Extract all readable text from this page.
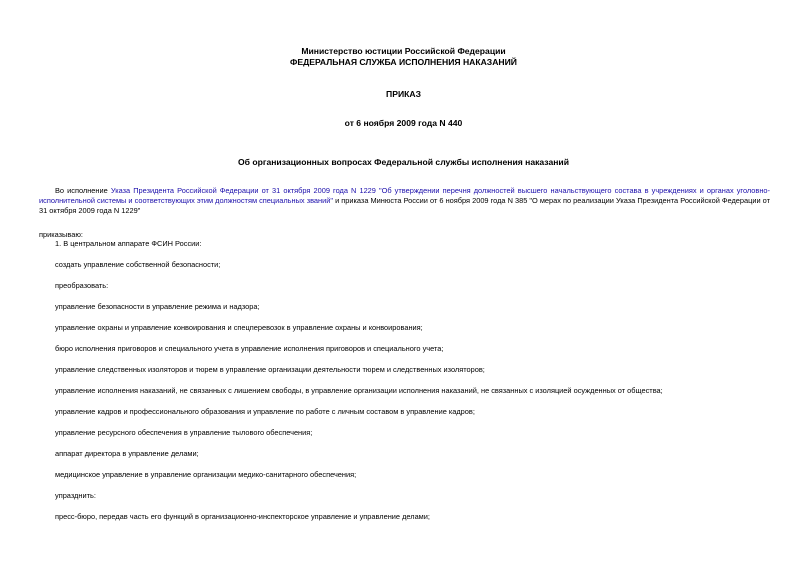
Министерство юстиции Российской Федерации
ФЕДЕРАЛЬНАЯ СЛУЖБА ИСПОЛНЕНИЯ НАКАЗАНИЙ
ПРИКАЗ
от 6 ноября 2009 года N 440
Об организационных вопросах Федеральной службы исполнения наказаний
Во исполнение Указа Президента Российской Федерации от 31 октября 2009 года N 1229 "Об утверждении перечня должностей высшего начальствующего состава в учреждениях и органах уголовно-исполнительной системы и соответствующих этим должностям специальных званий" и приказа Минюста России от 6 ноября 2009 года N 385 "О мерах по реализации Указа Президента Российской Федерации от 31 октября 2009 года N 1229"
приказываю:
1. В центральном аппарате ФСИН России:
создать управление собственной безопасности;
преобразовать:
управление безопасности в управление режима и надзора;
управление охраны и управление конвоирования и спецперевозок в управление охраны и конвоирования;
бюро исполнения приговоров и специального учета в управление исполнения приговоров и специального учета;
управление следственных изоляторов и тюрем в управление организации деятельности тюрем и следственных изоляторов;
управление исполнения наказаний, не связанных с лишением свободы, в управление организации исполнения наказаний, не связанных с изоляцией осужденных от общества;
управление кадров и профессионального образования и управление по работе с личным составом в управление кадров;
управление ресурсного обеспечения в управление тылового обеспечения;
аппарат директора в управление делами;
медицинское управление в управление организации медико-санитарного обеспечения;
упразднить:
пресс-бюро, передав часть его функций в организационно-инспекторское управление и управление делами;
